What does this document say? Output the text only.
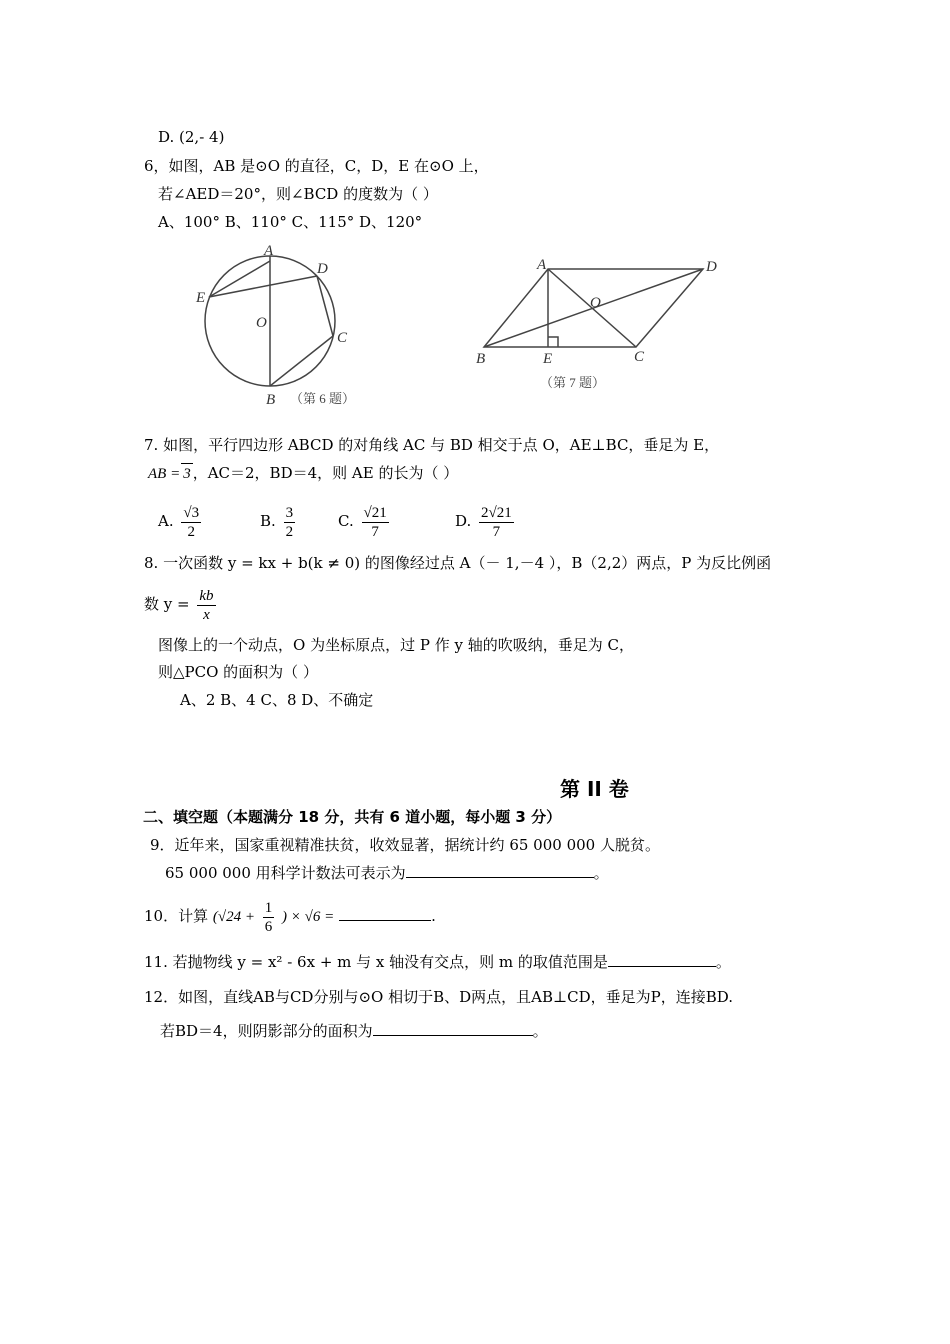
D. (2,- 4)
6，如图，AB 是⊙O 的直径，C，D，E 在⊙O 上，
若∠AED＝20°，则∠BCD 的度数为（ ）
A、100° B、110° C、115° D、120°
A
D
E
O
C
B （第 6 题）
A	D
O
B	E	C
（第 7 题）
7. 如图，平行四边形 ABCD 的对角线 AC 与 BD 相交于点 O，AE⊥BC，垂足为 E，
AB = 3 ，AC＝2，BD＝4，则 AE 的长为（ ）
A. $\frac{√3}{2}$	B. $\frac{3}{2}$	C. $\frac{√21}{7}$	D. $\frac{2√21}{7}$
8. 一次函数 y = kx + b(k ≠ 0) 的图像经过点 A（－ 1,－4 ），B（2,2）两点，P 为反比例函
数 $y = \frac{kb}{x}$
图像上的一个动点，O 为坐标原点，过 P 作 y 轴的吹吸纳，垂足为 C，
则△PCO 的面积为（ ）
A、2 B、4 C、8 D、不确定
第 II 卷
二、填空题（本题满分 18 分，共有 6 道小题，每小题 3 分）
9．近年来，国家重视精准扶贫，收效显著，据统计约 65 000 000 人脱贫。
65 000 000 用科学计数法可表示为	。
10．计算 ($√24 + \frac{1}{6}$ ) × √6 =	.
11. 若抛物线 y = x² - 6x + m 与 x 轴没有交点，则 m 的取值范围是	。
12．如图，直线AB与CD分别与⊙O 相切于B、D两点，且AB⊥CD，垂足为P，连接BD.
若BD＝4，则阴影部分的面积为	。
